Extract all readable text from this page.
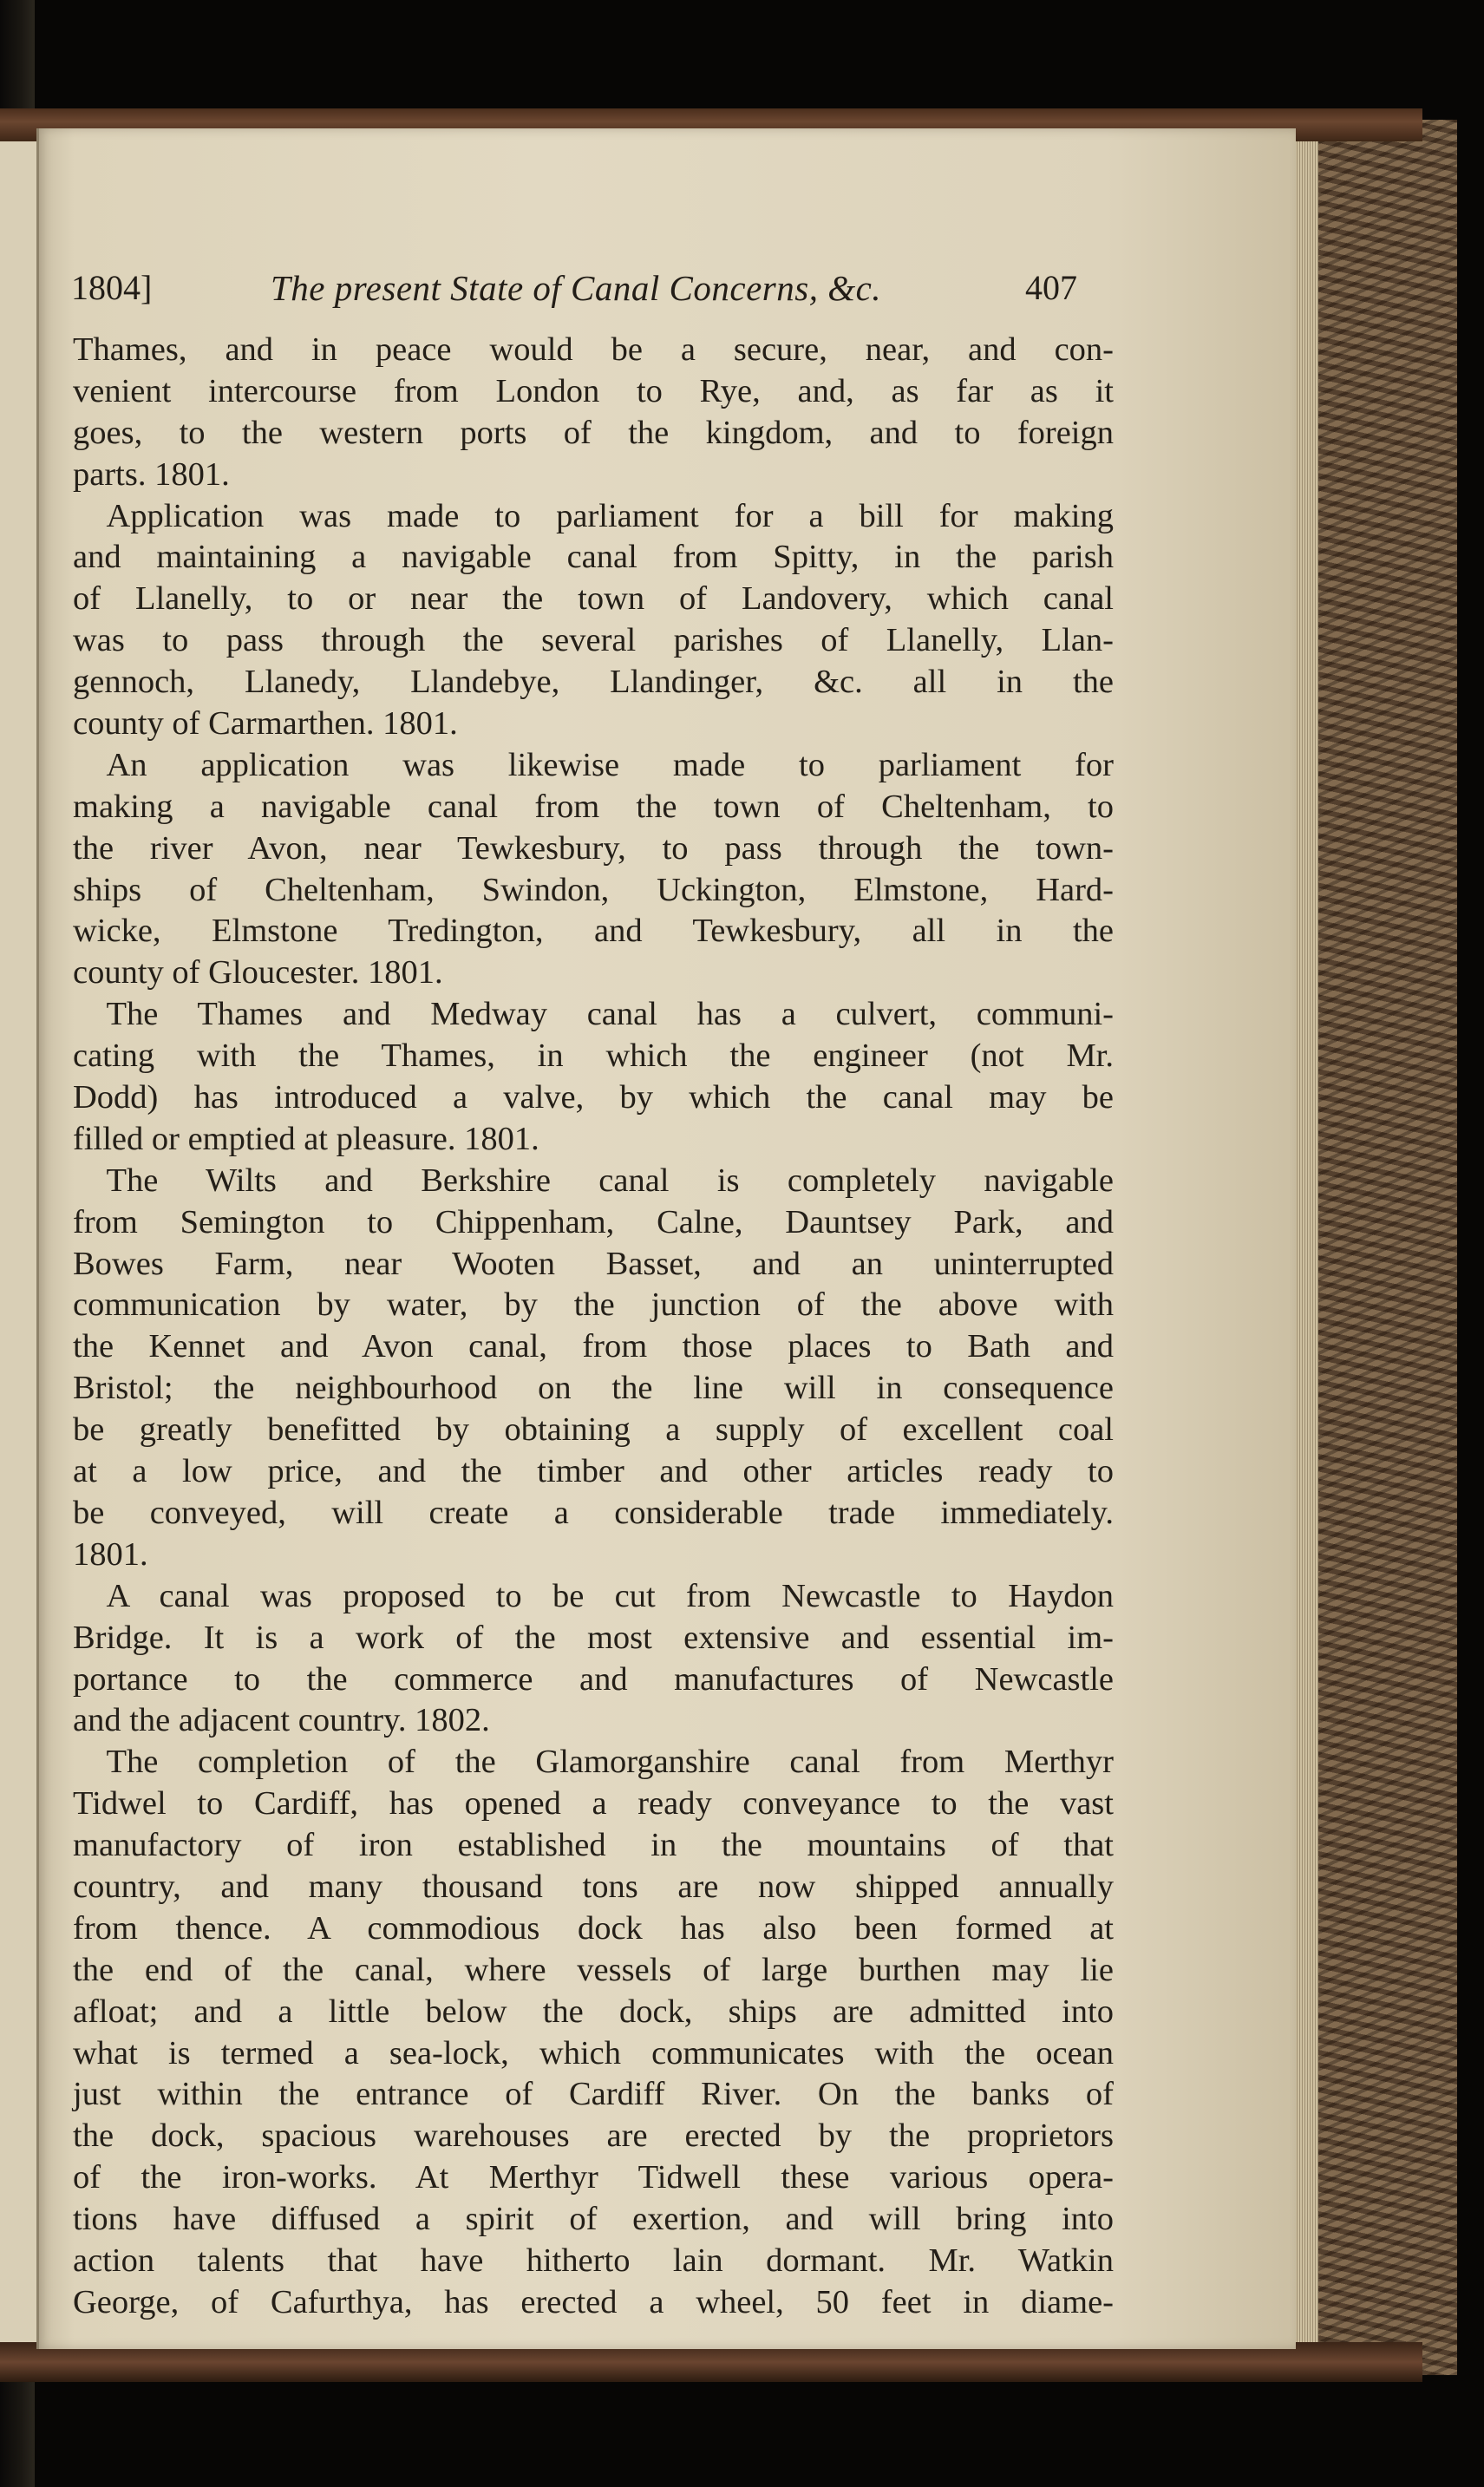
1804]	The present State of Canal Concerns, &c.	407
Thames, and in peace would be a secure, near, and con-
venient intercourse from London to Rye, and, as far as it
goes, to the western ports of the kingdom, and to foreign
parts. 1801.
 Application was made to parliament for a bill for making
and maintaining a navigable canal from Spitty, in the parish
of Llanelly, to or near the town of Landovery, which canal
was to pass through the several parishes of Llanelly, Llan-
gennoch, Llanedy, Llandebye, Llandinger, &c. all in the
county of Carmarthen. 1801.
 An application was likewise made to parliament for
making a navigable canal from the town of Cheltenham, to
the river Avon, near Tewkesbury, to pass through the town-
ships of Cheltenham, Swindon, Uckington, Elmstone, Hard-
wicke, Elmstone Tredington, and Tewkesbury, all in the
county of Gloucester. 1801.
 The Thames and Medway canal has a culvert, communi-
cating with the Thames, in which the engineer (not Mr.
Dodd) has introduced a valve, by which the canal may be
filled or emptied at pleasure. 1801.
 The Wilts and Berkshire canal is completely navigable
from Semington to Chippenham, Calne, Dauntsey Park, and
Bowes Farm, near Wooten Basset, and an uninterrupted
communication by water, by the junction of the above with
the Kennet and Avon canal, from those places to Bath and
Bristol; the neighbourhood on the line will in consequence
be greatly benefitted by obtaining a supply of excellent coal
at a low price, and the timber and other articles ready to
be conveyed, will create a considerable trade immediately.
1801.
 A canal was proposed to be cut from Newcastle to Haydon
Bridge. It is a work of the most extensive and essential im-
portance to the commerce and manufactures of Newcastle
and the adjacent country. 1802.
 The completion of the Glamorganshire canal from Merthyr
Tidwel to Cardiff, has opened a ready conveyance to the vast
manufactory of iron established in the mountains of that
country, and many thousand tons are now shipped annually
from thence. A commodious dock has also been formed at
the end of the canal, where vessels of large burthen may lie
afloat; and a little below the dock, ships are admitted into
what is termed a sea-lock, which communicates with the ocean
just within the entrance of Cardiff River. On the banks of
the dock, spacious warehouses are erected by the proprietors
of the iron-works. At Merthyr Tidwell these various opera-
tions have diffused a spirit of exertion, and will bring into
action talents that have hitherto lain dormant. Mr. Watkin
George, of Cafurthya, has erected a wheel, 50 feet in diame-
